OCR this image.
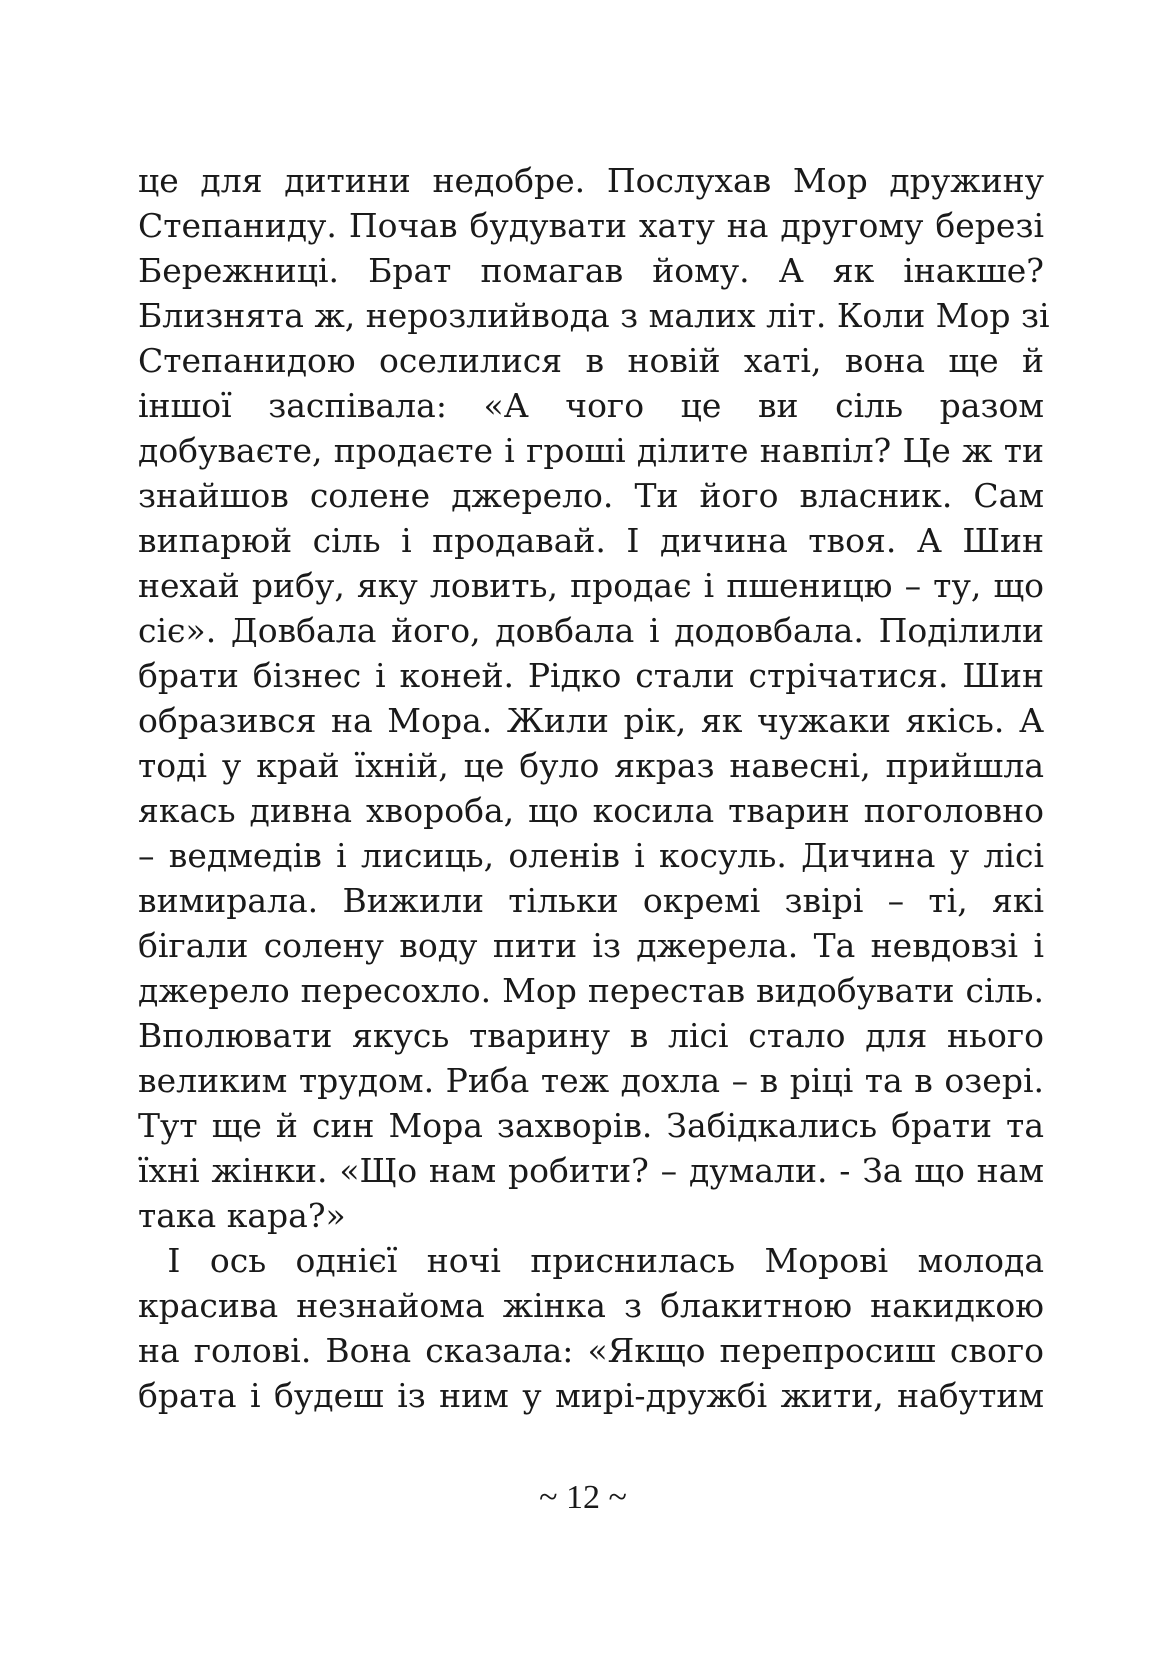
це для дитини недобре. Послухав Мор дружину
Степаниду. Почав будувати хату на другому березі
Бережниці. Брат помагав йому. А як інакше?
Близнята ж, нерозлийвода з малих літ. Коли Мор зі
Степанидою оселилися в новій хаті, вона ще й
іншої заспівала: «А чого це ви сіль разом
добуваєте, продаєте і гроші ділите навпіл? Це ж ти
знайшов солене джерело. Ти його власник. Сам
випарюй сіль і продавай. І дичина твоя. А Шин
нехай рибу, яку ловить, продає і пшеницю – ту, що
сіє». Довбала його, довбала і додовбала. Поділили
брати бізнес і коней. Рідко стали стрічатися. Шин
образився на Мора. Жили рік, як чужаки якісь. А
тоді у край їхній, це було якраз навесні, прийшла
якась дивна хвороба, що косила тварин поголовно
– ведмедів і лисиць, оленів і косуль. Дичина у лісі
вимирала. Вижили тільки окремі звірі – ті, які
бігали солену воду пити із джерела. Та невдовзі і
джерело пересохло. Мор перестав видобувати сіль.
Вполювати якусь тварину в лісі стало для нього
великим трудом. Риба теж дохла – в ріці та в озері.
Тут ще й син Мора захворів. Забідкались брати та
їхні жінки. «Що нам робити? – думали. - За що нам
така кара?»
І ось однієї ночі приснилась Морові молода
красива незнайома жінка з блакитною накидкою
на голові. Вона сказала: «Якщо перепросиш свого
брата і будеш із ним у мирі-дружбі жити, набутим
~ 12 ~
